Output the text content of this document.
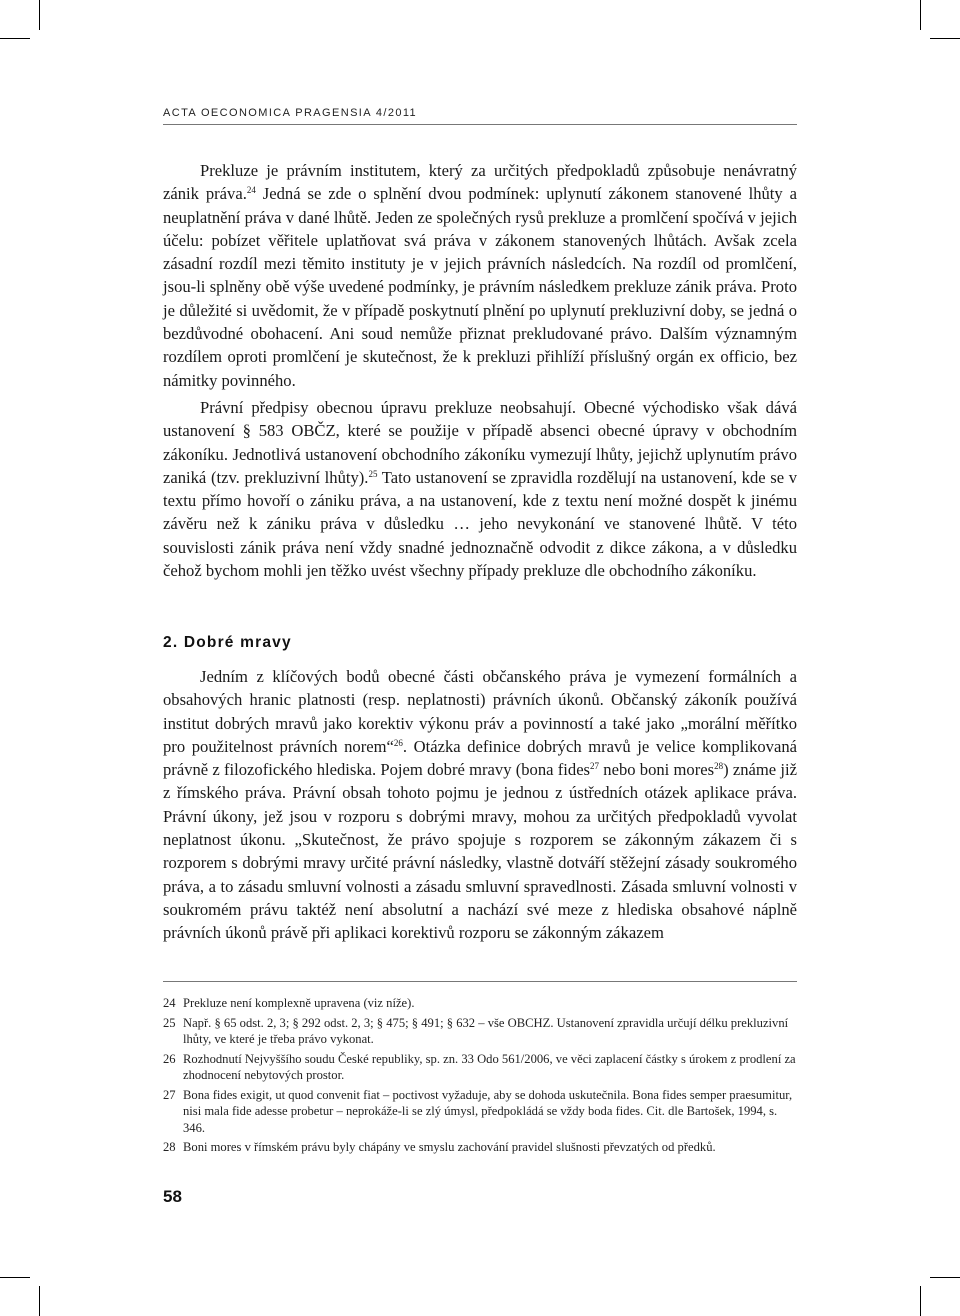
ACTA OECONOMICA PRAGENSIA 4/2011

Prekluze je právním institutem, který za určitých předpokladů způsobuje nenávratný zánik práva.$^{24}$ Jedná se zde o splnění dvou podmínek: uplynutí zákonem stanovené lhůty a neuplatnění práva v dané lhůtě. Jeden ze společných rysů prekluze a promlčení spočívá v jejich účelu: pobízet věřitele uplatňovat svá práva v zákonem stanovených lhůtách. Avšak zcela zásadní rozdíl mezi těmito instituty je v jejich právních následcích. Na rozdíl od promlčení, jsou-li splněny obě výše uvedené podmínky, je právním následkem prekluze zánik práva. Proto je důležité si uvědomit, že v případě poskytnutí plnění po uplynutí prekluzivní doby, se jedná o bezdůvodné obohacení. Ani soud nemůže přiznat prekludované právo. Dalším významným rozdílem oproti promlčení je skutečnost, že k prekluzi přihlíží příslušný orgán ex officio, bez námitky povinného.

Právní předpisy obecnou úpravu prekluze neobsahují. Obecné východisko však dává ustanovení § 583 OBČZ, které se použije v případě absenci obecné úpravy v obchodním zákoníku. Jednotlivá ustanovení obchodního zákoníku vymezují lhůty, jejichž uplynutím právo zaniká (tzv. prekluzivní lhůty).$^{25}$ Tato ustanovení se zpravidla rozdělují na ustanovení, kde se v textu přímo hovoří o zániku práva, a na ustanovení, kde z textu není možné dospět k jinému závěru než k zániku práva v důsledku … jeho nevykonání ve stanovené lhůtě. V této souvislosti zánik práva není vždy snadné jednoznačně odvodit z dikce zákona, a v důsledku čehož bychom mohli jen těžko uvést všechny případy prekluze dle obchodního zákoníku.

2. Dobré mravy

Jedním z klíčových bodů obecné části občanského práva je vymezení formálních a obsahových hranic platnosti (resp. neplatnosti) právních úkonů. Občanský zákoník používá institut dobrých mravů jako korektiv výkonu práv a povinností a také jako „morální měřítko pro použitelnost právních norem“$^{26}$. Otázka definice dobrých mravů je velice komplikovaná právně z filozofického hlediska. Pojem dobré mravy (bona fides$^{27}$ nebo boni mores$^{28}$) známe již z římského práva. Právní obsah tohoto pojmu je jednou z ústředních otázek aplikace práva. Právní úkony, jež jsou v rozporu s dobrými mravy, mohou za určitých předpokladů vyvolat neplatnost úkonu. „Skutečnost, že právo spojuje s rozporem se zákonným zákazem či s rozporem s dobrými mravy určité právní následky, vlastně dotváří stěžejní zásady soukromého práva, a to zásadu smluvní volnosti a zásadu smluvní spravedlnosti. Zásada smluvní volnosti v soukromém právu taktéž není absolutní a nachází své meze z hlediska obsahové náplně právních úkonů právě při aplikaci korektivů rozporu se zákonným zákazem

24 Prekluze není komplexně upravena (viz níže).
25 Např. § 65 odst. 2, 3; § 292 odst. 2, 3; § 475; § 491; § 632 – vše OBCHZ. Ustanovení zpravidla určují délku prekluzivní lhůty, ve které je třeba právo vykonat.
26 Rozhodnutí Nejvyššího soudu České republiky, sp. zn. 33 Odo 561/2006, ve věci zaplacení částky s úrokem z prodlení za zhodnocení nebytových prostor.
27 Bona fides exigit, ut quod convenit fiat – poctivost vyžaduje, aby se dohoda uskutečnila. Bona fides semper praesumitur, nisi mala fide adesse probetur – neprokáže-li se zlý úmysl, předpokládá se vždy boda fides. Cit. dle Bartošek, 1994, s. 346.
28 Boni mores v římském právu byly chápány ve smyslu zachování pravidel slušnosti převzatých od předků.
58
